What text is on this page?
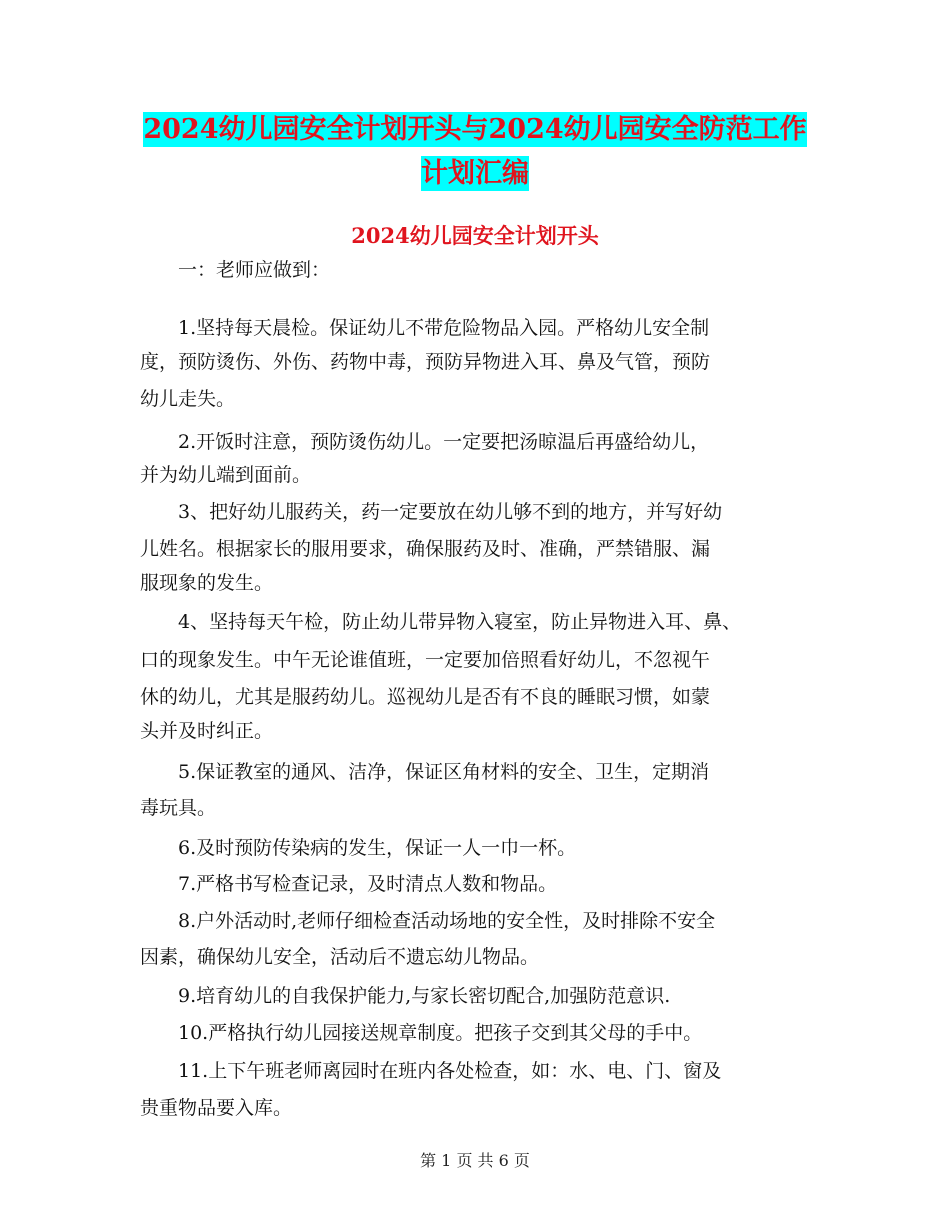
2024幼儿园安全计划开头与2024幼儿园安全防范工作
计划汇编
2024幼儿园安全计划开头
　　一：老师应做到：
　　1.坚持每天晨检。保证幼儿不带危险物品入园。严格幼儿安全制
度，预防烫伤、外伤、药物中毒，预防异物进入耳、鼻及气管，预防
幼儿走失。
　　2.开饭时注意，预防烫伤幼儿。一定要把汤晾温后再盛给幼儿，
并为幼儿端到面前。
　　3、把好幼儿服药关，药一定要放在幼儿够不到的地方，并写好幼
儿姓名。根据家长的服用要求，确保服药及时、准确，严禁错服、漏
服现象的发生。
　　4、坚持每天午检，防止幼儿带异物入寝室，防止异物进入耳、鼻、
口的现象发生。中午无论谁值班，一定要加倍照看好幼儿，不忽视午
休的幼儿，尤其是服药幼儿。巡视幼儿是否有不良的睡眠习惯，如蒙
头并及时纠正。
　　5.保证教室的通风、洁净，保证区角材料的安全、卫生，定期消
毒玩具。
　　6.及时预防传染病的发生，保证一人一巾一杯。
　　7.严格书写检查记录，及时清点人数和物品。
　　8.户外活动时,老师仔细检查活动场地的安全性，及时排除不安全
因素，确保幼儿安全，活动后不遗忘幼儿物品。
　　9.培育幼儿的自我保护能力,与家长密切配合,加强防范意识.
　　10.严格执行幼儿园接送规章制度。把孩子交到其父母的手中。
　　11.上下午班老师离园时在班内各处检查，如：水、电、门、窗及
贵重物品要入库。
第 1 页 共 6 页
